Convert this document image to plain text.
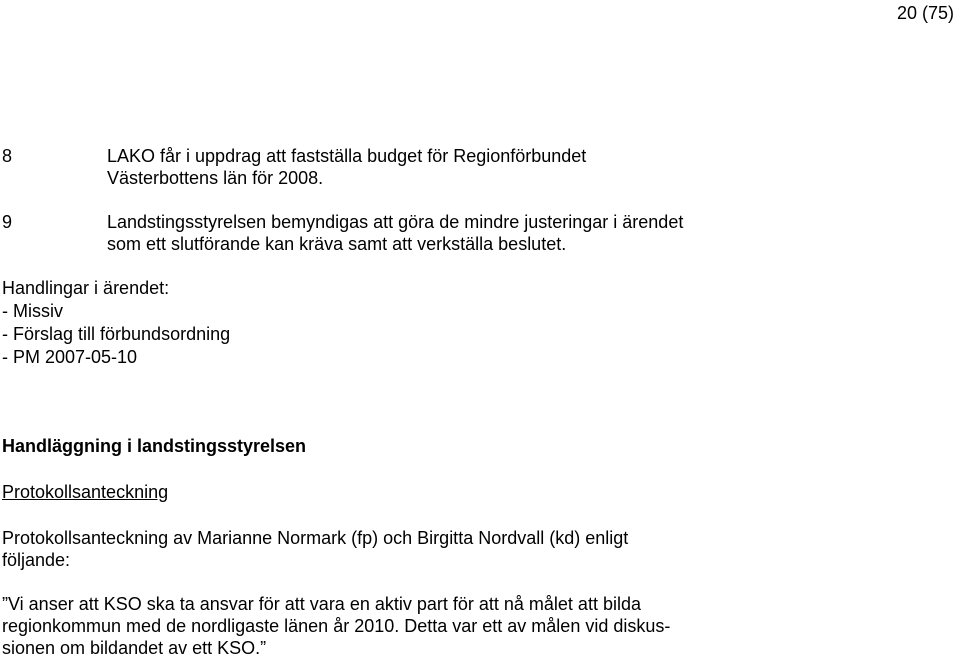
20 (75)
8	LAKO får i uppdrag att fastställa budget för Regionförbundet
Västerbottens län för 2008.
9	Landstingsstyrelsen bemyndigas att göra de mindre justeringar i ärendet
som ett slutförande kan kräva samt att verkställa beslutet.
Handlingar i ärendet:
- Missiv
- Förslag till förbundsordning
- PM 2007-05-10
Handläggning i landstingsstyrelsen
Protokollsanteckning
Protokollsanteckning av Marianne Normark (fp) och Birgitta Nordvall (kd) enligt
följande:
”Vi anser att KSO ska ta ansvar för att vara en aktiv part för att nå målet att bilda
regionkommun med de nordligaste länen år 2010. Detta var ett av målen vid diskus-
sionen om bildandet av ett KSO.”
